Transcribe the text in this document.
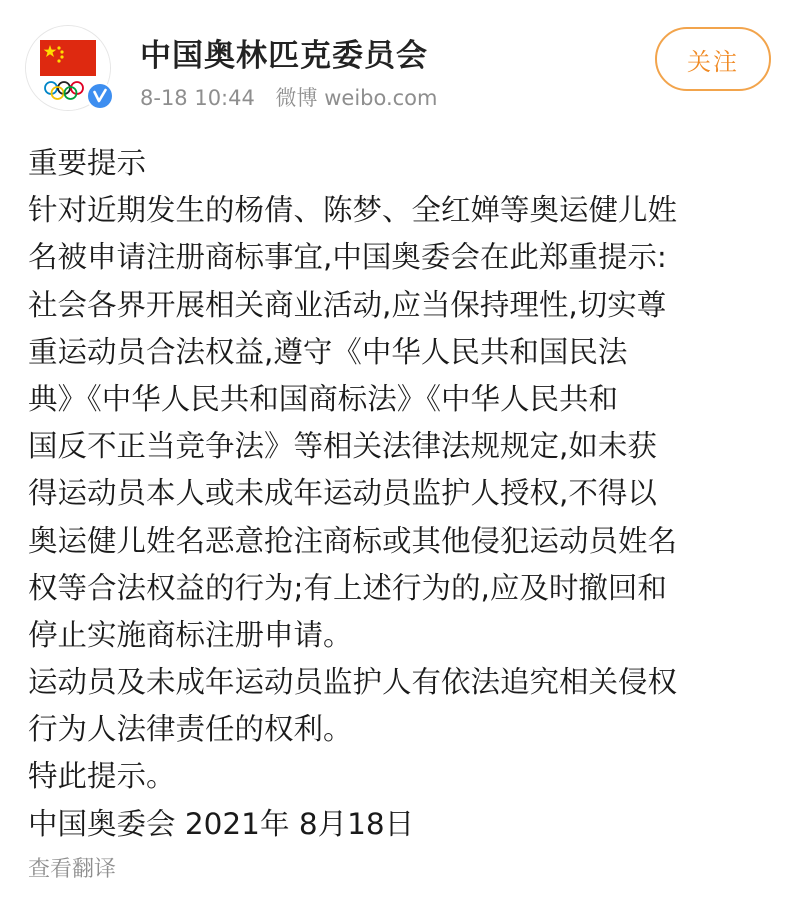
中国奥林匹克委员会
8-18 10:44 微博 weibo.com
关注
重要提示
针对近期发生的杨倩、陈梦、全红婵等奥运健儿姓
名被申请注册商标事宜,中国奥委会在此郑重提示:
社会各界开展相关商业活动,应当保持理性,切实尊
重运动员合法权益,遵守《中华人民共和国民法
典》《中华人民共和国商标法》《中华人民共和
国反不正当竞争法》等相关法律法规规定,如未获
得运动员本人或未成年运动员监护人授权,不得以
奥运健儿姓名恶意抢注商标或其他侵犯运动员姓名
权等合法权益的行为;有上述行为的,应及时撤回和
停止实施商标注册申请。
运动员及未成年运动员监护人有依法追究相关侵权
行为人法律责任的权利。
特此提示。
中国奥委会 2021年 8月18日
查看翻译
